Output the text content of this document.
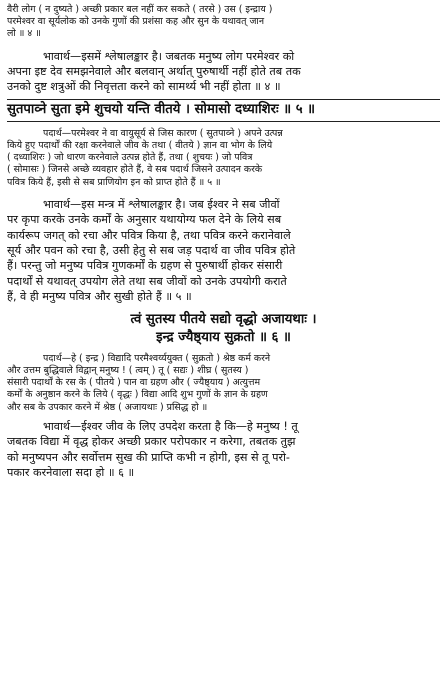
वैरी लोग ( न दुष्यते ) अच्छी प्रकार बल नहीं कर सकते ( तरसे ) उस ( इन्द्राय )
परमेश्वर वा सूर्यलोक को उनके गुणों की प्रशंसा कह और सुन के यथावत् जान
लो ॥ ४ ॥
भावार्थ—इसमें श्लेषालङ्कार है। जबतक मनुष्य लोग परमेश्वर को
अपना इष्ट देव समझनेवाले और बलवान् अर्थात् पुरुषार्थी नहीं होते तब तक
उनको दुष्ट शत्रुओं की निवृत्तता करने को सामर्थ्य भी नहीं होता ॥ ४ ॥
सुतपाव्ने सुता इमे शुचयो यन्ति वीतये । सोमासो दध्याशिरः ॥ ५ ॥
पदार्थ—परमेश्वर ने वा वायुसूर्य से जिस कारण ( सुतपाव्ने ) अपने उत्पन्न
किये हुए पदार्थों की रक्षा करनेवाले जीव के तथा ( वीतये ) ज्ञान वा भोग के लिये
( दध्याशिरः ) जो धारण करनेवाले उत्पन्न होते हैं, तथा ( शुचयः ) जो पवित्र
( सोमासः ) जिनसे अच्छे व्यवहार होते हैं, वे सब पदार्थ जिसने उत्पादन करके
पवित्र किये हैं, इसी से सब प्राणियोग इन को प्राप्त होते हैं ॥ ५ ॥
भावार्थ—इस मन्त्र में श्लेषालङ्कार है। जब ईश्वर ने सब जीवों
पर कृपा करके उनके कर्मों के अनुसार यथायोग्य फल देने के लिये सब
कार्यरूप जगत् को रचा और पवित्र किया है, तथा पवित्र करने करानेवाले
सूर्य और पवन को रचा है, उसी हेतु से सब जड़ पदार्थ वा जीव पवित्र होते
हैं। परन्तु जो मनुष्य पवित्र गुणकर्मों के ग्रहण से पुरुषार्थी होकर संसारी
पदार्थों से यथावत् उपयोग लेते तथा सब जीवों को उनके उपयोगी कराते
हैं, वे ही मनुष्य पवित्र और सुखी होते हैं ॥ ५ ॥
त्वं सुतस्य पीतये सद्यो वृद्धो अजायथाः ।
इन्द्र ज्यैष्ठ्याय सुक्रतो ॥ ६ ॥
पदार्थ—हे ( इन्द्र ) विद्यादि परमैश्वर्य्ययुक्त ( सुक्रतो ) श्रेष्ठ कर्म करने
और उत्तम बुद्धिवाले विद्वान् मनुष्य ! ( त्वम् ) तू ( सद्यः ) शीघ्र ( सुतस्य )
संसारी पदार्थों के रस के ( पीतये ) पान वा ग्रहण और ( ज्यैष्ठ्याय ) अत्युत्तम
कर्मों के अनुष्ठान करने के लिये ( वृद्धः ) विद्या आदि शुभ गुणों के ज्ञान के ग्रहण
और सब के उपकार करने में श्रेष्ठ ( अजायथाः ) प्रसिद्ध हो ॥
भावार्थ—ईश्वर जीव के लिए उपदेश करता है कि—हे मनुष्य ! तू
जबतक विद्या में वृद्ध होकर अच्छी प्रकार परोपकार न करेगा, तबतक तुझ
को मनुष्यपन और सर्वोत्तम सुख की प्राप्ति कभी न होगी, इस से तू परो-
पकार करनेवाला सदा हो ॥ ६ ॥
